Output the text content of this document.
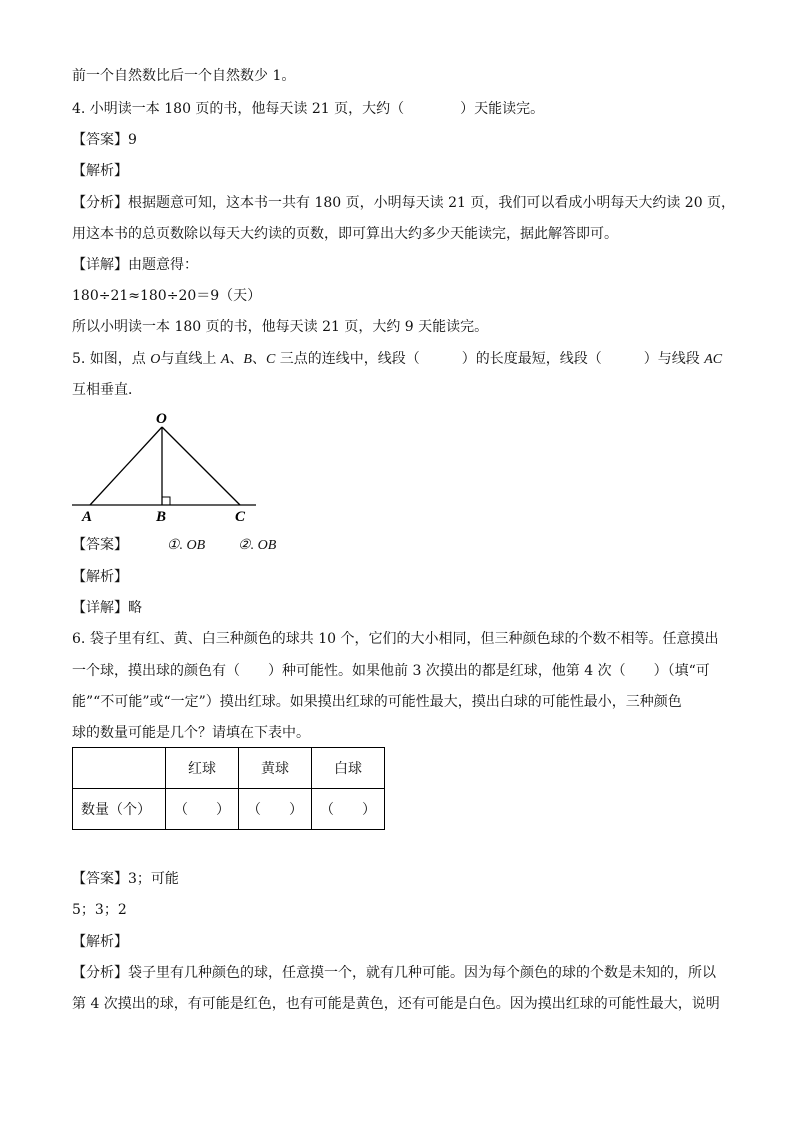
前一个自然数比后一个自然数少 1。
4. 小明读一本 180 页的书，他每天读 21 页，大约（　　　　）天能读完。
【答案】9
【解析】
【分析】根据题意可知，这本书一共有 180 页，小明每天读 21 页，我们可以看成小明每天大约读 20 页，
用这本书的总页数除以每天大约读的页数，即可算出大约多少天能读完，据此解答即可。
【详解】由题意得：
180÷21≈180÷20＝9（天）
所以小明读一本 180 页的书，他每天读 21 页，大约 9 天能读完。
5. 如图，点 O与直线上 A、B、C 三点的连线中，线段（　　　）的长度最短，线段（　　　）与线段 AC
互相垂直．
O
A	B	C
【答案】	①. OB ②. OB
【解析】
【详解】略
6. 袋子里有红、黄、白三种颜色的球共 10 个，它们的大小相同，但三种颜色球的个数不相等。任意摸出
一个球，摸出球的颜色有（　　）种可能性。如果他前 3 次摸出的都是红球，他第 4 次（　　）（填“可
能”“不可能”或“一定”）摸出红球。如果摸出红球的可能性最大，摸出白球的可能性最小，三种颜色
球的数量可能是几个？请填在下表中。
	红球	黄球	白球
数量（个）	（　　）	（　　）	（　　）
【答案】3；可能
5；3；2
【解析】
【分析】袋子里有几种颜色的球，任意摸一个，就有几种可能。因为每个颜色的球的个数是未知的，所以
第 4 次摸出的球，有可能是红色，也有可能是黄色，还有可能是白色。因为摸出红球的可能性最大，说明
